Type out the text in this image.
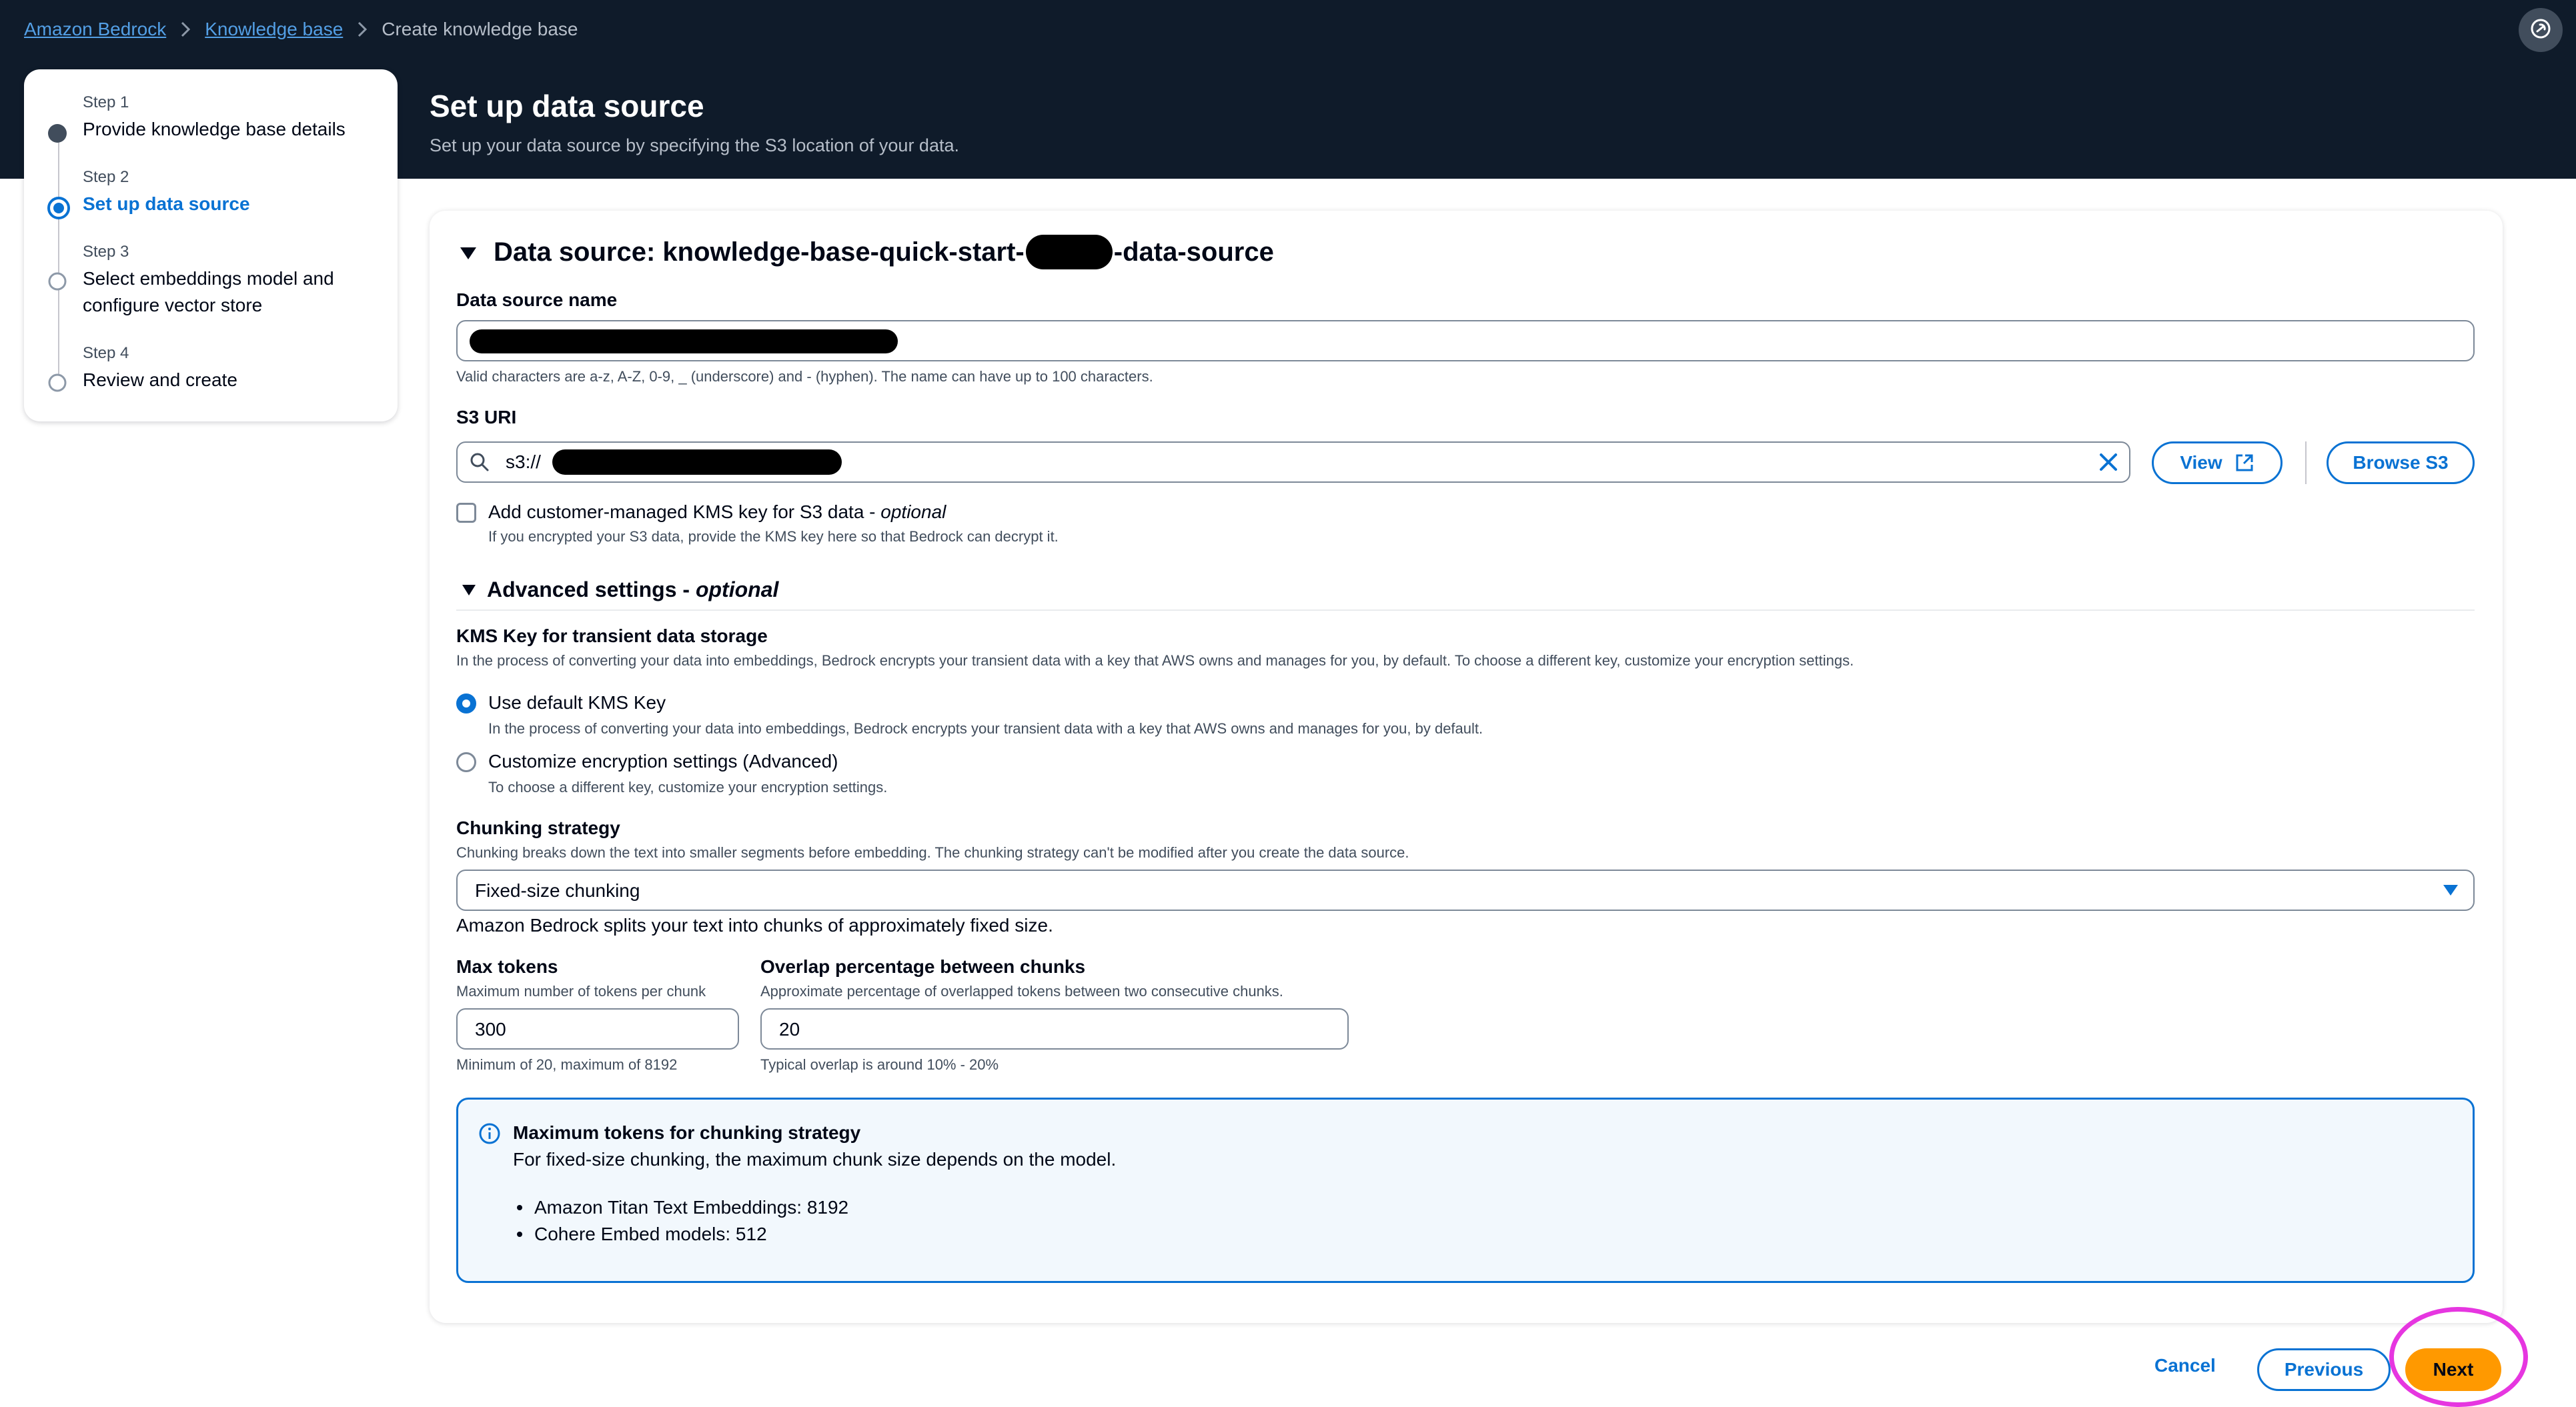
Amazon Bedrock Knowledge base Create knowledge base
Set up data source
Set up your data source by specifying the S3 location of your data.
Step 1
Provide knowledge base details
Step 2
Set up data source
Step 3
Select embeddings model and configure vector store
Step 4
Review and create
Data source: knowledge-base-quick-start-	-data-source
Data source name
Valid characters are a-z, A-Z, 0-9, _ (underscore) and - (hyphen). The name can have up to 100 characters.
S3 URI
s3://	View	Browse S3
Add customer-managed KMS key for S3 data - optional
If you encrypted your S3 data, provide the KMS key here so that Bedrock can decrypt it.
Advanced settings -
optional
KMS Key for transient data storage
In the process of converting your data into embeddings, Bedrock encrypts your transient data with a key that AWS owns and manages for you, by default. To choose a different key, customize your encryption settings.
Use default KMS Key
In the process of converting your data into embeddings, Bedrock encrypts your transient data with a key that AWS owns and manages for you, by default.
Customize encryption settings (Advanced)
To choose a different key, customize your encryption settings.
Chunking strategy
Chunking breaks down the text into smaller segments before embedding. The chunking strategy can't be modified after you create the data source.
Fixed-size chunking
Amazon Bedrock splits your text into chunks of approximately fixed size.
Max tokens
Maximum number of tokens per chunk
300
Minimum of 20, maximum of 8192
Overlap percentage between chunks
Approximate percentage of overlapped tokens between two consecutive chunks.
20
Typical overlap is around 10% - 20%
Maximum tokens for chunking strategy
For fixed-size chunking, the maximum chunk size depends on the model.
Amazon Titan Text Embeddings: 8192
Cohere Embed models: 512
Cancel	Previous	Next
